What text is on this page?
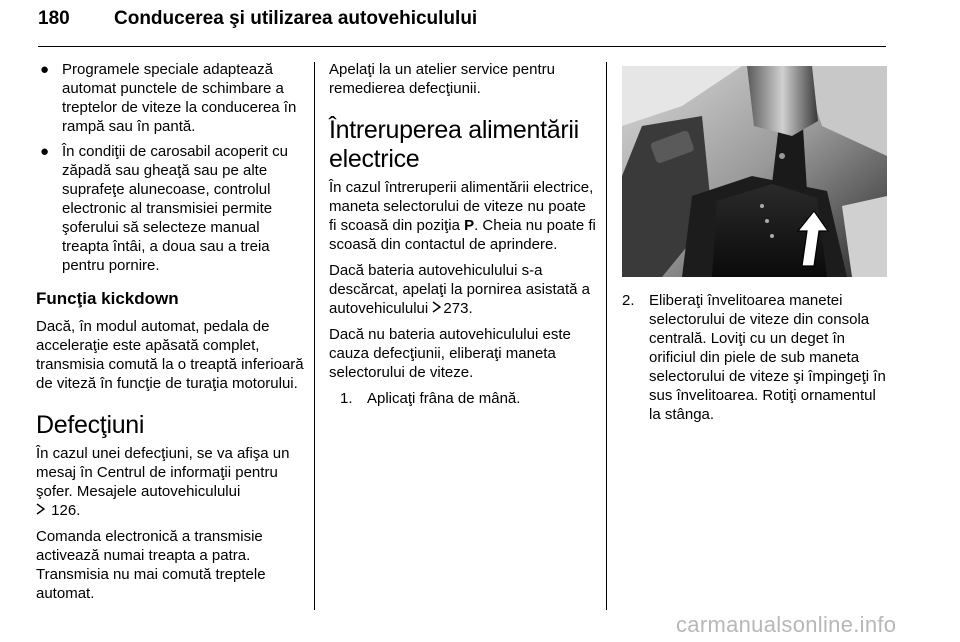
180 Conducerea şi utilizarea autovehiculului
● Programele speciale adaptează automat punctele de schimbare a treptelor de viteze la conducerea în rampă sau în pantă.
● În condiţii de carosabil acoperit cu zăpadă sau gheaţă sau pe alte suprafeţe alunecoase, controlul electronic al transmisiei permite şoferului să selecteze manual treapta întâi, a doua sau a treia pentru pornire.
Funcţia kickdown

Dacă, în modul automat, pedala de acceleraţie este apăsată complet, transmisia comută la o treaptă inferioară de viteză în funcţie de turaţia motorului.

Defecţiuni

În cazul unei defecţiuni, se va afişa un mesaj în Centrul de informaţii pentru şofer. Mesajele autovehiculului
126.

Comanda electronică a transmisie activează numai treapta a patra. Transmisia nu mai comută treptele automat.

Apelaţi la un atelier service pentru remedierea defecţiunii.

Întreruperea alimentării electrice

În cazul întreruperii alimentării electrice, maneta selectorului de viteze nu poate fi scoasă din poziţia P. Cheia nu poate fi scoasă din contactul de aprindere.

Dacă bateria autovehiculului s-a descărcat, apelaţi la pornirea asistată a autovehiculului 273.

Dacă nu bateria autovehiculului este cauza defecţiunii, eliberaţi maneta selectorului de viteze.

1. Aplicaţi frâna de mână.
2. Eliberaţi învelitoarea manetei selectorului de viteze din consola centrală. Loviţi cu un deget în orificiul din piele de sub maneta selectorului de viteze şi împingeţi în sus învelitoarea. Rotiţi ornamentul la stânga.
carmanualsonline.info
